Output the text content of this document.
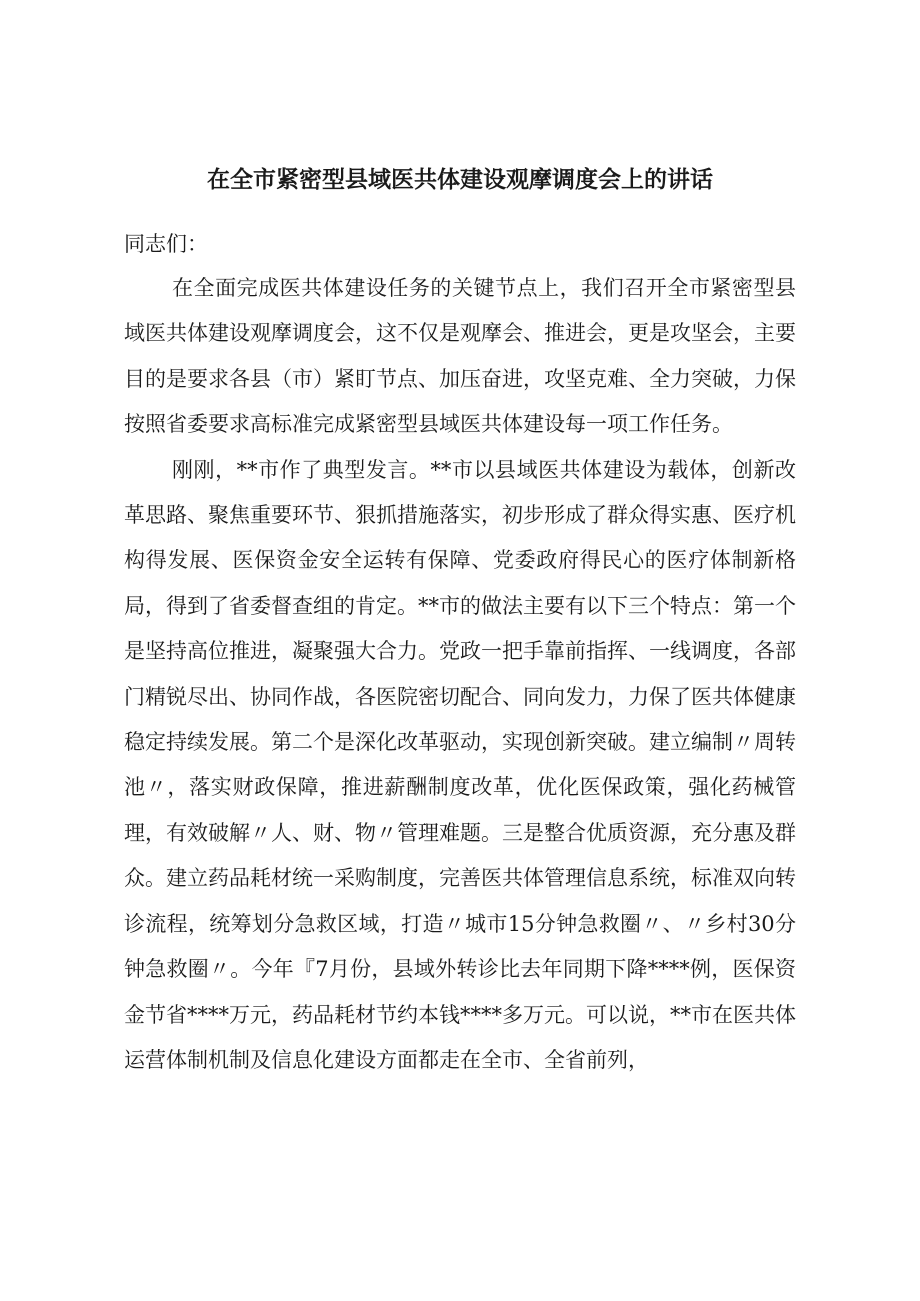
在全市紧密型县域医共体建设观摩调度会上的讲话

同志们：

在全面完成医共体建设任务的关键节点上，我们召开全市紧密型县域医共体建设观摩调度会，这不仅是观摩会、推进会，更是攻坚会，主要目的是要求各县（市）紧盯节点、加压奋进，攻坚克难、全力突破，力保按照省委要求高标准完成紧密型县域医共体建设每一项工作任务。

刚刚，**市作了典型发言。**市以县域医共体建设为载体，创新改革思路、聚焦重要环节、狠抓措施落实，初步形成了群众得实惠、医疗机构得发展、医保资金安全运转有保障、党委政府得民心的医疗体制新格局，得到了省委督查组的肯定。**市的做法主要有以下三个特点：第一个是坚持高位推进，凝聚强大合力。党政一把手靠前指挥、一线调度，各部门精锐尽出、协同作战，各医院密切配合、同向发力，力保了医共体健康稳定持续发展。第二个是深化改革驱动，实现创新突破。建立编制〃周转池〃，落实财政保障，推进薪酬制度改革，优化医保政策，强化药械管理，有效破解〃人、财、物〃管理难题。三是整合优质资源，充分惠及群众。建立药品耗材统一采购制度，完善医共体管理信息系统，标准双向转诊流程，统筹划分急救区域，打造〃城市15分钟急救圈〃、〃乡村30分钟急救圈〃。今年『7月份，县域外转诊比去年同期下降****例，医保资金节省****万元，药品耗材节约本钱****多万元。可以说，**市在医共体运营体制机制及信息化建设方面都走在全市、全省前列，
